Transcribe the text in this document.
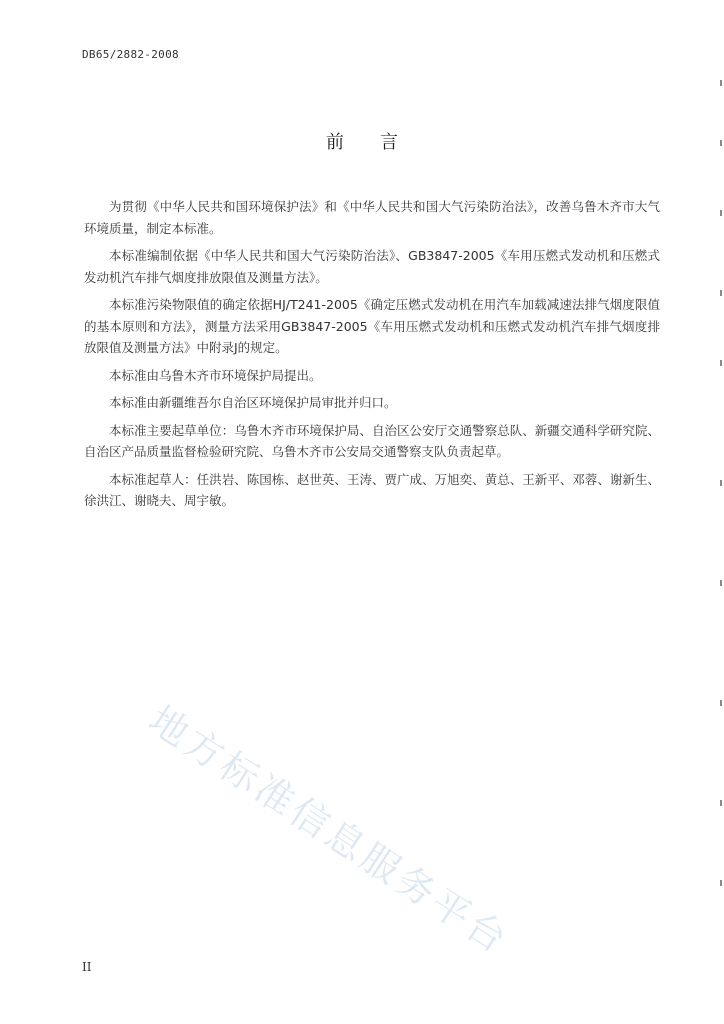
DB65/2882-2008
前 言

为贯彻《中华人民共和国环境保护法》和《中华人民共和国大气污染防治法》，改善乌鲁木齐市大气环境质量，制定本标准。

本标准编制依据《中华人民共和国大气污染防治法》、GB3847-2005《车用压燃式发动机和压燃式发动机汽车排气烟度排放限值及测量方法》。

本标准污染物限值的确定依据HJ/T241-2005《确定压燃式发动机在用汽车加载减速法排气烟度限值的基本原则和方法》，测量方法采用GB3847-2005《车用压燃式发动机和压燃式发动机汽车排气烟度排放限值及测量方法》中附录J的规定。

本标准由乌鲁木齐市环境保护局提出。

本标准由新疆维吾尔自治区环境保护局审批并归口。

本标准主要起草单位：乌鲁木齐市环境保护局、自治区公安厅交通警察总队、新疆交通科学研究院、自治区产品质量监督检验研究院、乌鲁木齐市公安局交通警察支队负责起草。

本标准起草人：任洪岩、陈国栋、赵世英、王涛、贾广成、万旭奕、黄总、王新平、邓蓉、谢新生、徐洪江、谢晓夫、周宇敏。

地方标准信息服务平台
II
